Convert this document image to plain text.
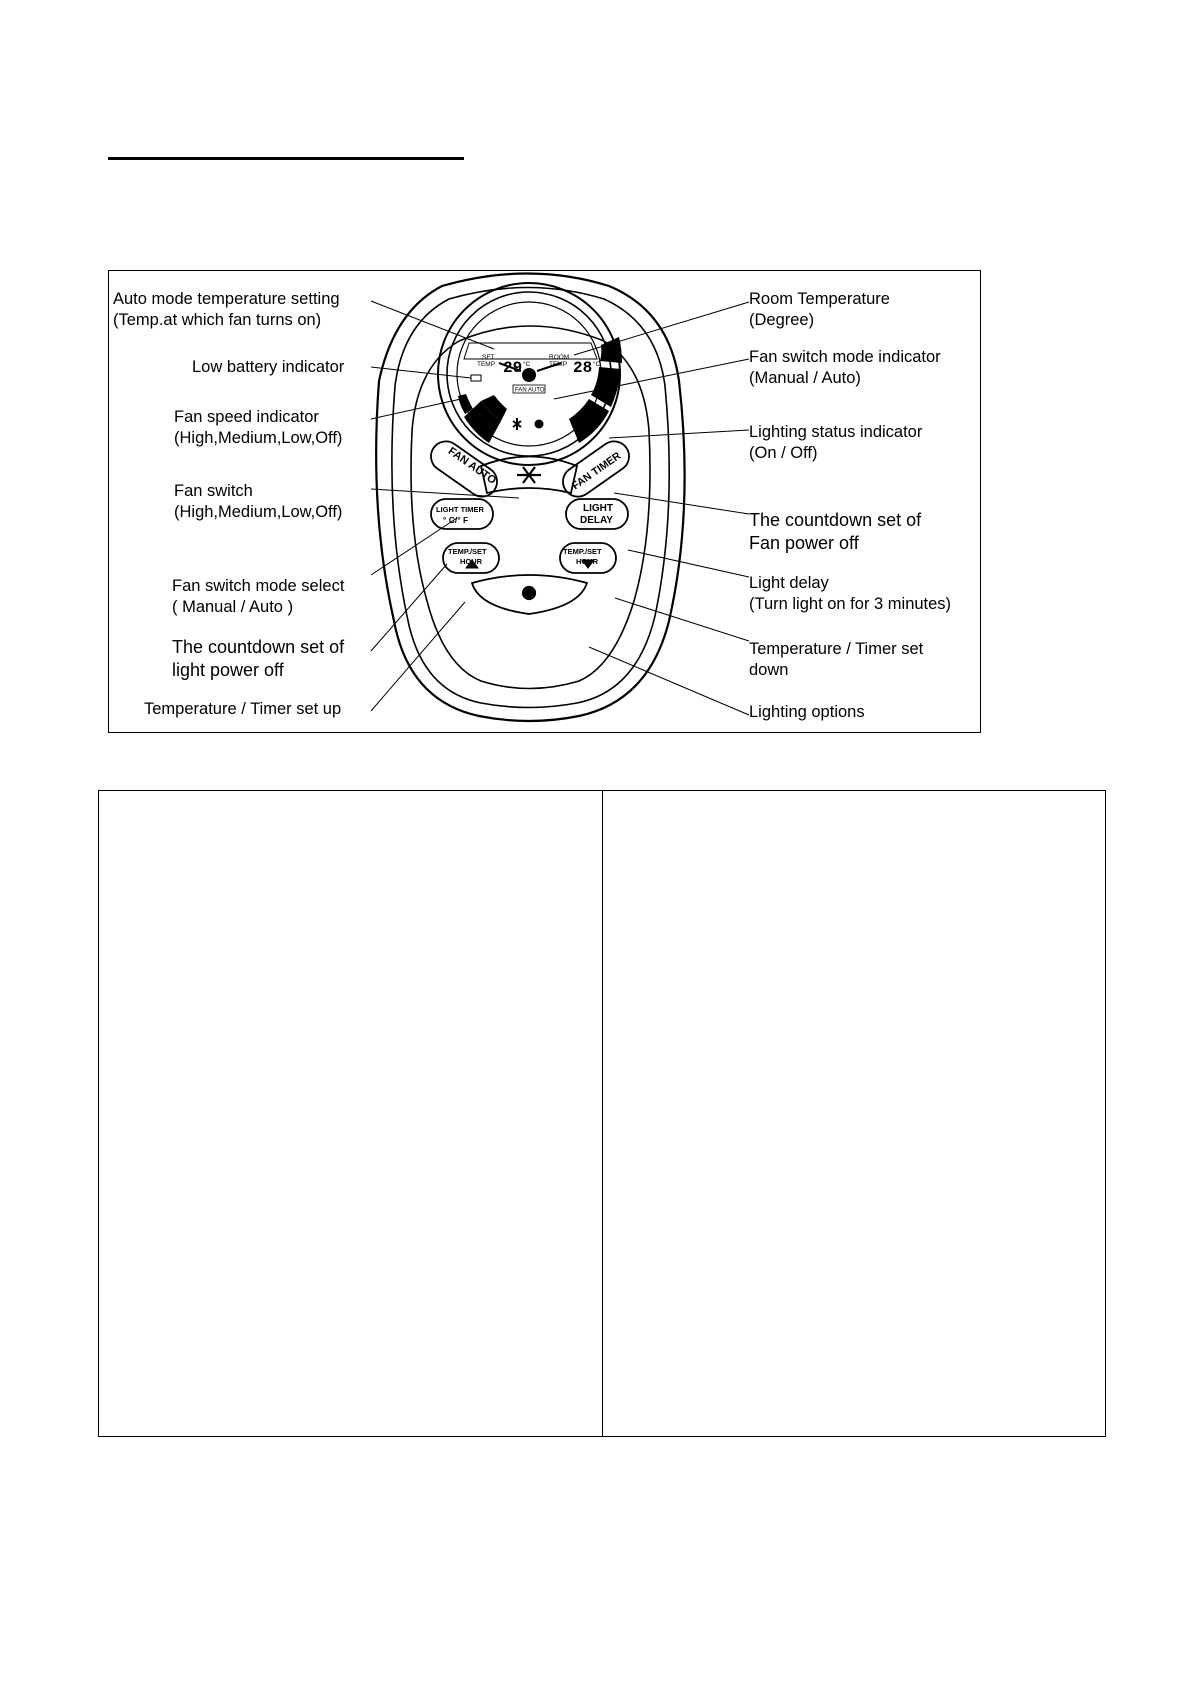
SET TEMP 29 °C
ROOM TEMP 28 °C
FAN AUTO
FAN AUTO	FAN TIMER
LIGHT TIMER
° C/° F
LIGHT
DELAY
TEMP./SET
HOUR
TEMP./SET
HOUR
Auto mode temperature setting
(Temp.at which fan turns on)
Low battery indicator
Fan speed indicator
(High,Medium,Low,Off)
Fan switch
(High,Medium,Low,Off)
Fan switch mode select
( Manual / Auto )
The countdown set of
light power off
Temperature / Timer set up
Room Temperature
(Degree)
Fan switch mode indicator
(Manual / Auto)
Lighting status indicator
(On / Off)
The countdown set of
Fan power off
Light delay
(Turn light on for 3 minutes)
Temperature / Timer set
down
Lighting options
